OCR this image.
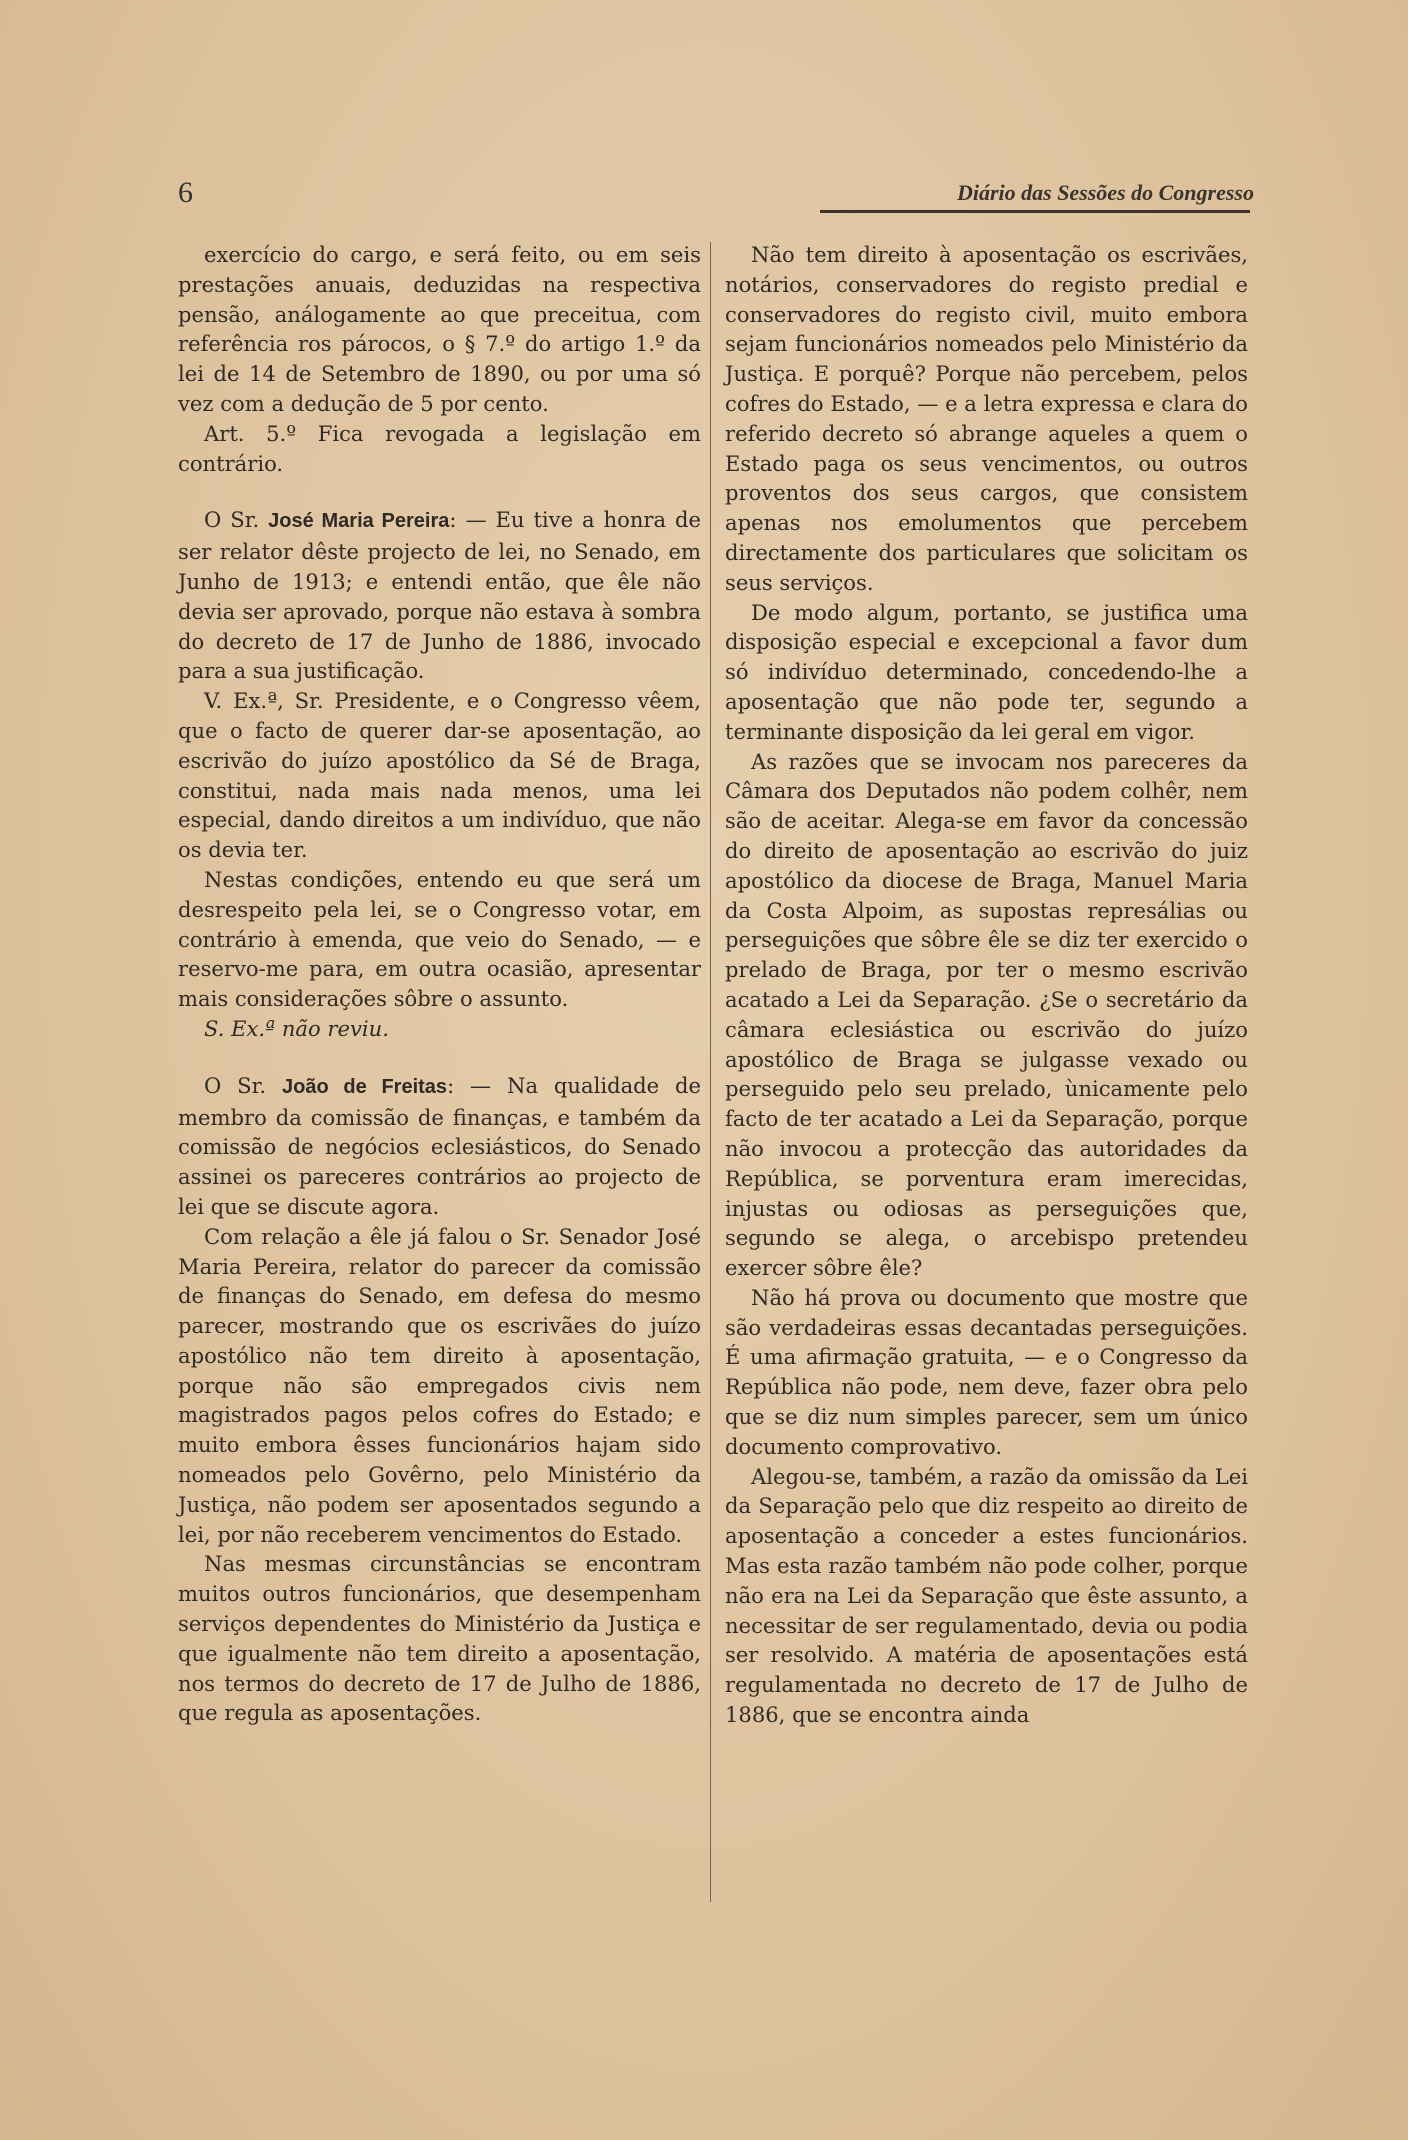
6	Diário das Sessões do Congresso

exercício do cargo, e será feito, ou em seis prestações anuais, deduzidas na respectiva pensão, análogamente ao que preceitua, com referência ros párocos, o § 7.º do artigo 1.º da lei de 14 de Setembro de 1890, ou por uma só vez com a dedução de 5 por cento.

Art. 5.º Fica revogada a legislação em contrário.

O Sr. José Maria Pereira: — Eu tive a honra de ser relator dêste projecto de lei, no Senado, em Junho de 1913; e entendi então, que êle não devia ser aprovado, porque não estava à sombra do decreto de 17 de Junho de 1886, invocado para a sua justificação.

V. Ex.ª, Sr. Presidente, e o Congresso vêem, que o facto de querer dar-se aposentação, ao escrivão do juízo apostólico da Sé de Braga, constitui, nada mais nada menos, uma lei especial, dando direitos a um indivíduo, que não os devia ter.

Nestas condições, entendo eu que será um desrespeito pela lei, se o Congresso votar, em contrário à emenda, que veio do Senado, — e reservo-me para, em outra ocasião, apresentar mais considerações sôbre o assunto.

S. Ex.ª não reviu.

O Sr. João de Freitas: — Na qualidade de membro da comissão de finanças, e também da comissão de negócios eclesiásticos, do Senado assinei os pareceres contrários ao projecto de lei que se discute agora.

Com relação a êle já falou o Sr. Senador José Maria Pereira, relator do parecer da comissão de finanças do Senado, em defesa do mesmo parecer, mostrando que os escrivães do juízo apostólico não tem direito à aposentação, porque não são empregados civis nem magistrados pagos pelos cofres do Estado; e muito embora êsses funcionários hajam sido nomeados pelo Govêrno, pelo Ministério da Justiça, não podem ser aposentados segundo a lei, por não receberem vencimentos do Estado.

Nas mesmas circunstâncias se encontram muitos outros funcionários, que desempenham serviços dependentes do Ministério da Justiça e que igualmente não tem direito a aposentação, nos termos do decreto de 17 de Julho de 1886, que regula as aposentações.

Não tem direito à aposentação os escrivães, notários, conservadores do registo predial e conservadores do registo civil, muito embora sejam funcionários nomeados pelo Ministério da Justiça. E porquê? Porque não percebem, pelos cofres do Estado, — e a letra expressa e clara do referido decreto só abrange aqueles a quem o Estado paga os seus vencimentos, ou outros proventos dos seus cargos, que consistem apenas nos emolumentos que percebem directamente dos particulares que solicitam os seus serviços.

De modo algum, portanto, se justifica uma disposição especial e excepcional a favor dum só indivíduo determinado, concedendo-lhe a aposentação que não pode ter, segundo a terminante disposição da lei geral em vigor.

As razões que se invocam nos pareceres da Câmara dos Deputados não podem colhêr, nem são de aceitar. Alega-se em favor da concessão do direito de aposentação ao escrivão do juiz apostólico da diocese de Braga, Manuel Maria da Costa Alpoim, as supostas represálias ou perseguições que sôbre êle se diz ter exercido o prelado de Braga, por ter o mesmo escrivão acatado a Lei da Separação. ¿Se o secretário da câmara eclesiástica ou escrivão do juízo apostólico de Braga se julgasse vexado ou perseguido pelo seu prelado, ùnicamente pelo facto de ter acatado a Lei da Separação, porque não invocou a protecção das autoridades da República, se porventura eram imerecidas, injustas ou odiosas as perseguições que, segundo se alega, o arcebispo pretendeu exercer sôbre êle?

Não há prova ou documento que mostre que são verdadeiras essas decantadas perseguições. É uma afirmação gratuita, — e o Congresso da República não pode, nem deve, fazer obra pelo que se diz num simples parecer, sem um único documento comprovativo.

Alegou-se, também, a razão da omissão da Lei da Separação pelo que diz respeito ao direito de aposentação a conceder a estes funcionários. Mas esta razão também não pode colher, porque não era na Lei da Separação que êste assunto, a necessitar de ser regulamentado, devia ou podia ser resolvido. A matéria de aposentações está regulamentada no decreto de 17 de Julho de 1886, que se encontra ainda
